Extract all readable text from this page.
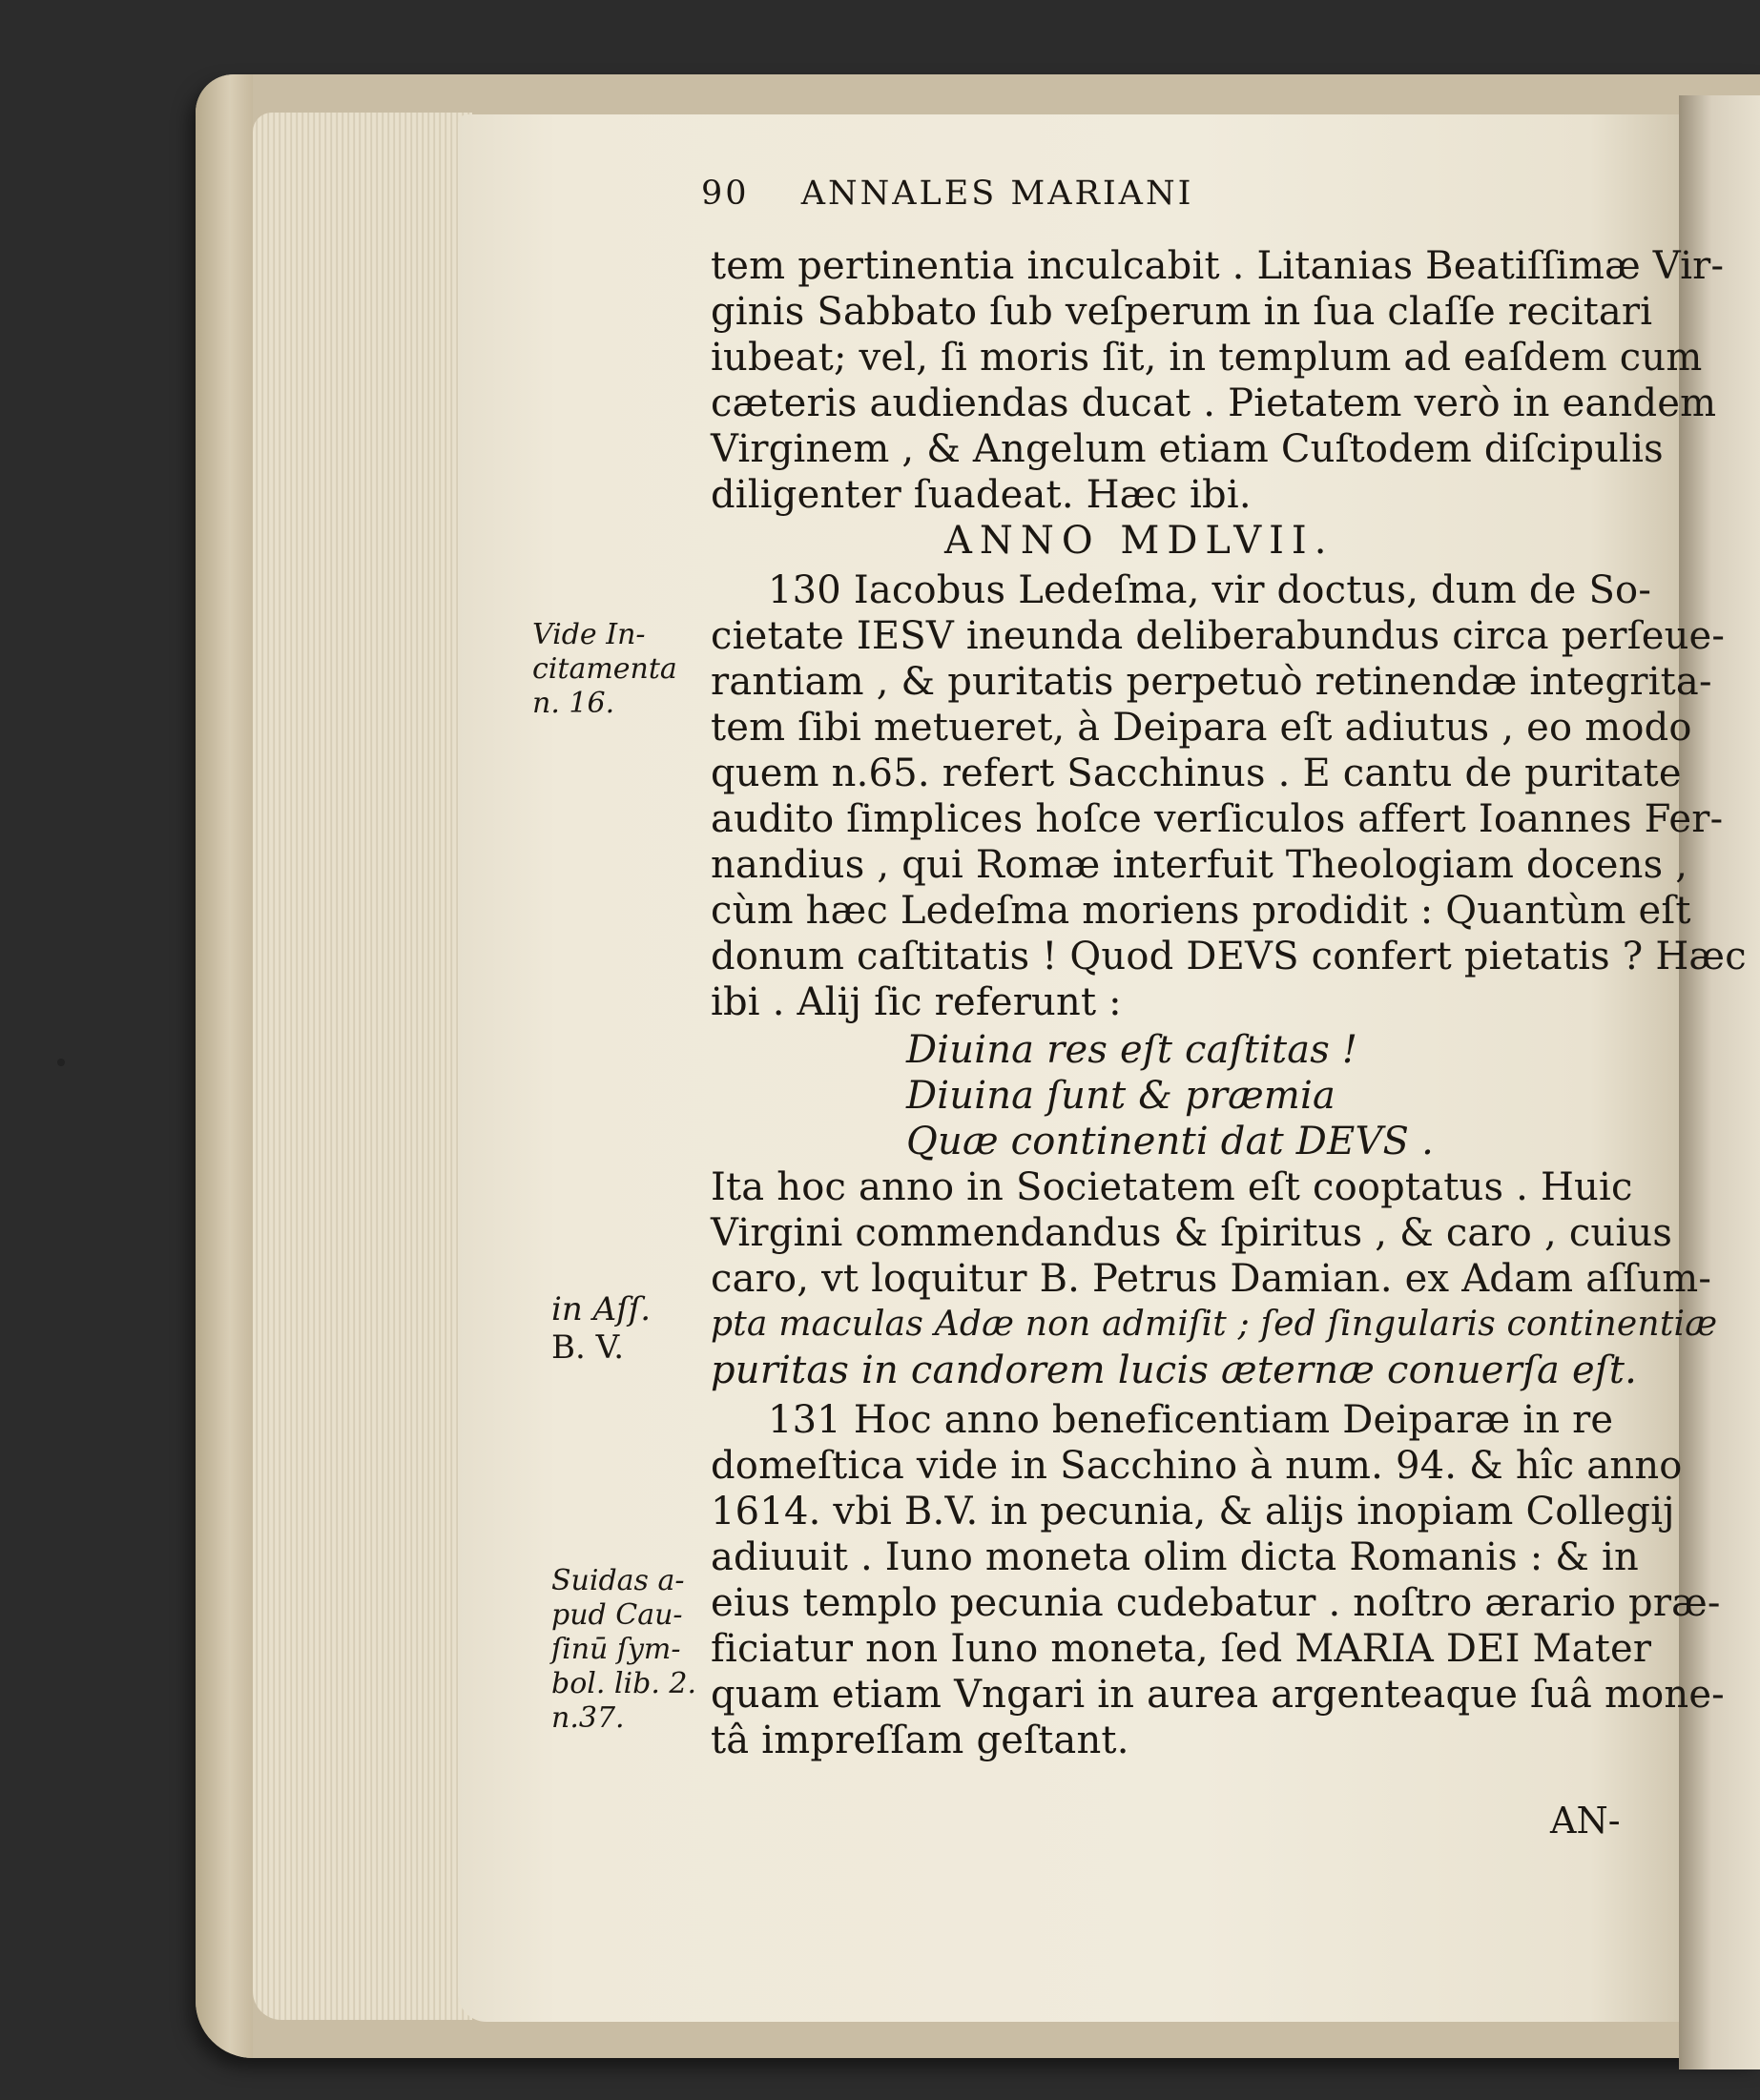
90 ANNALES MARIANI
tem pertinentia inculcabit . Litanias Beatiſſimæ Vir-
ginis Sabbato ſub veſperum in ſua claſſe recitari
iubeat; vel, ſi moris ſit, in templum ad eaſdem cum
cæteris audiendas ducat . Pietatem verò in eandem
Virginem , & Angelum etiam Cuſtodem diſcipulis
diligenter ſuadeat. Hæc ibi.
ANNO MDLVII.
130 Iacobus Ledeſma, vir doctus, dum de So-
cietate IESV ineunda deliberabundus circa perſeue-
rantiam , & puritatis perpetuò retinendæ integrita-
tem ſibi metueret, à Deipara eſt adiutus , eo modo
quem n.65. refert Sacchinus . E cantu de puritate
audito ſimplices hoſce verſiculos affert Ioannes Fer-
nandius , qui Romæ interfuit Theologiam docens ,
cùm hæc Ledeſma moriens prodidit : Quantùm eſt
donum caſtitatis ! Quod DEVS confert pietatis ? Hæc
ibi . Alij ſic referunt :
Diuina res eſt caſtitas !
Diuina ſunt & præmia
Quæ continenti dat DEVS .
Ita hoc anno in Societatem eſt cooptatus . Huic
Virgini commendandus & ſpiritus , & caro , cuius
caro, vt loquitur B. Petrus Damian. ex Adam aſſum-
pta maculas Adæ non admiſit ; ſed ſingularis continentiæ
puritas in candorem lucis æternæ conuerſa eſt.
131 Hoc anno beneficentiam Deiparæ in re
domeſtica vide in Sacchino à num. 94. & hîc anno
1614. vbi B.V. in pecunia, & alijs inopiam Collegij
adiuuit . Iuno moneta olim dicta Romanis : & in
eius templo pecunia cudebatur . noſtro ærario præ-
ficiatur non Iuno moneta, ſed MARIA DEI Mater
quam etiam Vngari in aurea argenteaque ſuâ mone-
tâ impreſſam geſtant.
Vide In-
citamenta
n. 16.
in Aſſ.
B. V.
Suidas a-
pud Cau-
ſinū ſym-
bol. lib. 2.
n.37.
AN-
